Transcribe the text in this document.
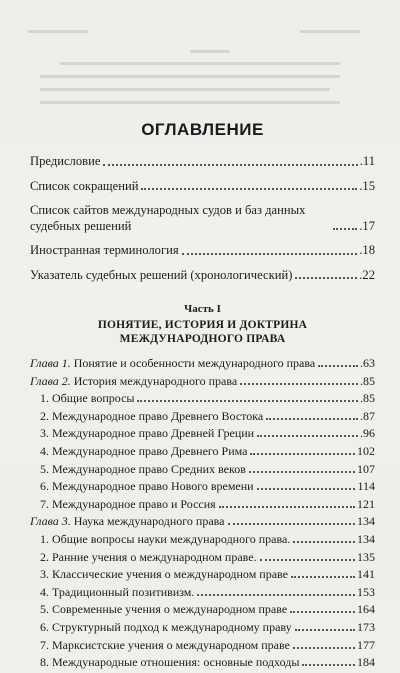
ОГЛАВЛЕНИЕ
Предисловие	.11
Список сокращений	.15
Список сайтов международных судов и баз данных судебных решений	.17
Иностранная терминология	.18
Указатель судебных решений (хронологический)	.22
Часть I
ПОНЯТИЕ, ИСТОРИЯ И ДОКТРИНА
МЕЖДУНАРОДНОГО ПРАВА
Глава 1. Понятие и особенности международного права	.63
Глава 2. История международного права	.85
1. Общие вопросы	.85
2. Международное право Древнего Востока	.87
3. Международное право Древней Греции	.96
4. Международное право Древнего Рима	102
5. Международное право Средних веков	107
6. Международное право Нового времени	114
7. Международное право и Россия	121
Глава 3. Наука международного права	134
1. Общие вопросы науки международного права.	134
2. Ранние учения о международном праве.	135
3. Классические учения о международном праве	141
4. Традиционный позитивизм.	153
5. Современные учения о международном праве	164
6. Структурный подход к международному праву	173
7. Марксистские учения о международном праве	177
8. Международные отношения: основные подходы	184
